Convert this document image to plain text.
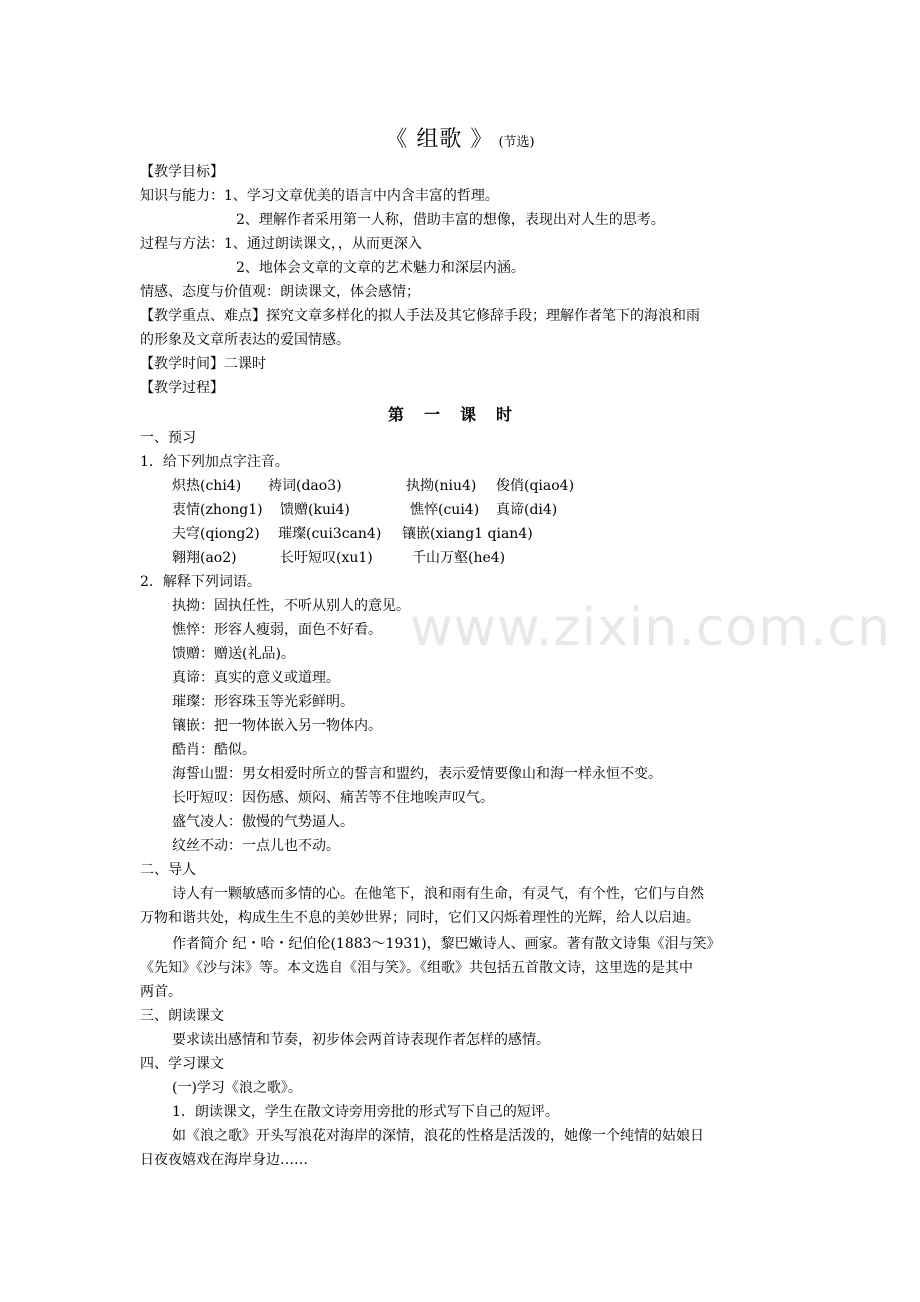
《 组歌 》 (节选)
【教学目标】
知识与能力：1、学习文章优美的语言中内含丰富的哲理。
2、理解作者采用第一人称，借助丰富的想像，表现出对人生的思考。
过程与方法：1、通过朗读课文，，从而更深入
2、地体会文章的文章的艺术魅力和深层内涵。
情感、态度与价值观：朗读课文，体会感情；
【教学重点、难点】探究文章多样化的拟人手法及其它修辞手段；理解作者笔下的海浪和雨
的形象及文章所表达的爱国情感。
【教学时间】二课时
【教学过程】
第一课时
一、预习
1．给下列加点字注音。
炽热(chi4) 祷词(dao3)	执拗(niu4) 俊俏(qiao4)
衷情(zhong1) 馈赠(kui4)	憔悴(cui4) 真谛(di4)
夫穹(qiong2) 璀璨(cui3can4) 镶嵌(xiang1 qian4)
翱翔(ao2)	长吁短叹(xu1)	千山万壑(he4)
2．解释下列词语。
执拗：固执任性，不听从别人的意见。
憔悴：形容人瘦弱，面色不好看。
馈赠：赠送(礼品)。
真谛：真实的意义或道理。
璀璨：形容珠玉等光彩鲜明。
镶嵌：把一物体嵌入另一物体内。
酷肖：酷似。
海誓山盟：男女相爱时所立的誓言和盟约，表示爱情要像山和海一样永恒不变。
长吁短叹：因伤感、烦闷、痛苦等不住地唉声叹气。
盛气凌人：傲慢的气势逼人。
纹丝不动：一点儿也不动。
二、导人
诗人有一颗敏感而多情的心。在他笔下，浪和雨有生命，有灵气，有个性，它们与自然
万物和谐共处，构成生生不息的美妙世界；同时，它们又闪烁着理性的光辉，给人以启迪。
作者简介 纪・哈・纪伯伦(1883～1931)，黎巴嫩诗人、画家。著有散文诗集《泪与笑》
《先知》《沙与沫》等。本文选自《泪与笑》。《组歌》共包括五首散文诗，这里选的是其中
两首。
三、朗读课文
要求读出感情和节奏，初步体会两首诗表现作者怎样的感情。
四、学习课文
(一)学习《浪之歌》。
1．朗读课文，学生在散文诗旁用旁批的形式写下自己的短评。
如《浪之歌》开头写浪花对海岸的深情，浪花的性格是活泼的，她像一个纯情的姑娘日
日夜夜嬉戏在海岸身边……
www.zixin.com.cn
